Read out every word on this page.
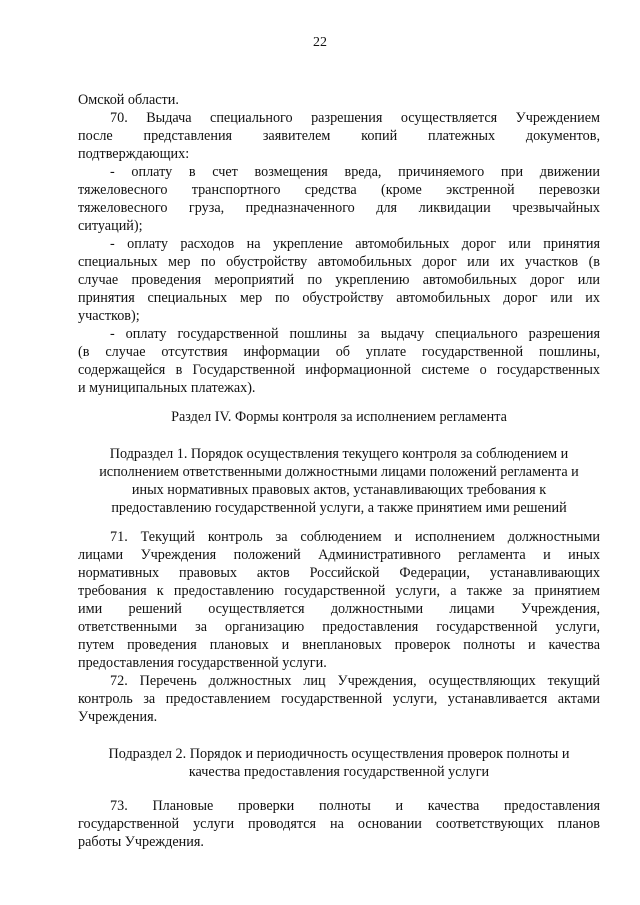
22
Омской области.
70. Выдача специального разрешения осуществляется Учреждением
после представления заявителем копий платежных документов,
подтверждающих:
- оплату в счет возмещения вреда, причиняемого при движении
тяжеловесного транспортного средства (кроме экстренной перевозки
тяжеловесного груза, предназначенного для ликвидации чрезвычайных
ситуаций);
- оплату расходов на укрепление автомобильных дорог или принятия
специальных мер по обустройству автомобильных дорог или их участков (в
случае проведения мероприятий по укреплению автомобильных дорог или
принятия специальных мер по обустройству автомобильных дорог или их
участков);
- оплату государственной пошлины за выдачу специального разрешения
(в случае отсутствия информации об уплате государственной пошлины,
содержащейся в Государственной информационной системе о государственных
и муниципальных платежах).
Раздел IV. Формы контроля за исполнением регламента
Подраздел 1. Порядок осуществления текущего контроля за соблюдением и
исполнением ответственными должностными лицами положений регламента и
иных нормативных правовых актов, устанавливающих требования к
предоставлению государственной услуги, а также принятием ими решений
71. Текущий контроль за соблюдением и исполнением должностными
лицами Учреждения положений Административного регламента и иных
нормативных правовых актов Российской Федерации, устанавливающих
требования к предоставлению государственной услуги, а также за принятием
ими решений осуществляется должностными лицами Учреждения,
ответственными за организацию предоставления государственной услуги,
путем проведения плановых и внеплановых проверок полноты и качества
предоставления государственной услуги.
72. Перечень должностных лиц Учреждения, осуществляющих текущий
контроль за предоставлением государственной услуги, устанавливается актами
Учреждения.
Подраздел 2. Порядок и периодичность осуществления проверок полноты и
качества предоставления государственной услуги
73. Плановые проверки полноты и качества предоставления
государственной услуги проводятся на основании соответствующих планов
работы Учреждения.
